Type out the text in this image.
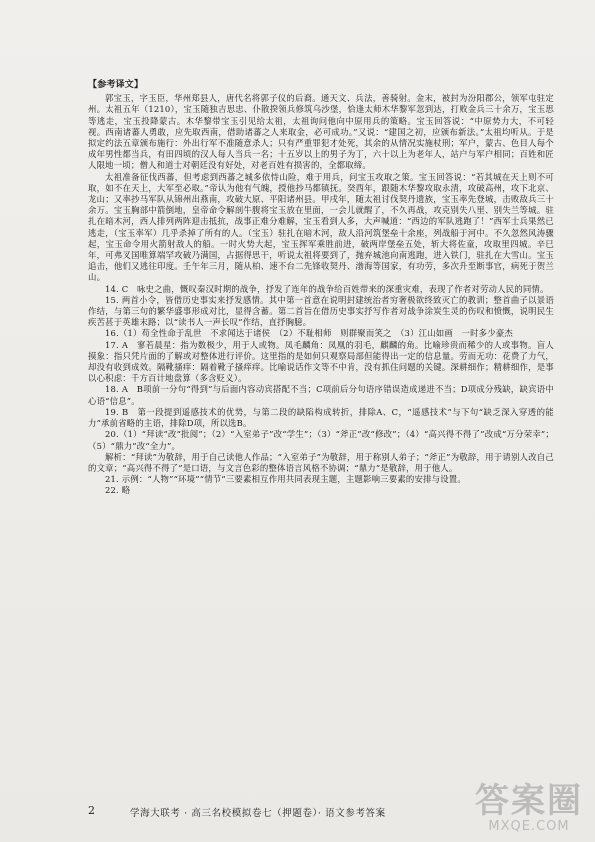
【参考译文】

郭宝玉，字玉臣，华州郑县人，唐代名将郭子仪的后裔。通天文、兵法，善骑射。金末，被封为汾阳郡公，领军屯驻定州。太祖五年（1210），宝玉随独吉思忠、仆散揆领兵修筑乌沙堡，恰逢太师木华黎军忽到达，打败金兵三十余万，宝玉思等逃走，宝玉投降蒙古。木华黎带宝玉引见给太祖，太祖询问他向中原用兵的策略。宝玉回答说：“中原势力大，不可轻视。西南诸蕃人勇敢，应先取西南，借助诸蕃之人来取金，必可成功。”又说：“建国之初，应颁布新法。”太祖均听从。于是拟定约法五章颁布施行：外出行军不准随意杀人；只有严重罪犯才处死，其余的从情况实施杖刑；军户，蒙古、色目人每个成年男性都当兵，有田四顷的汉人每人当兵一名；十五岁以上的男子为丁，六十以上为老年人，站户与军户相同；百姓和匠人限地一顷；僧人和道士对朝廷没有好处，对老百姓有损害的，全都取缔。

太祖准备征伐西蕃，但考虑到西蕃之城多依恃山险，难于用兵，问宝玉攻取之策。宝玉回答说：“若其城在天上则不可取，如不在天上，大军至必取。”帝认为他有气魄，授他抄马都镇抚。癸酉年，跟随木华黎攻取永清，攻破高州，攻下北京、龙山；又率抄马军队从锦州出燕南，攻破大原、平阳诸州县。甲戌年，随太祖讨伐契丹遗族，宝玉率先登城，击败敌兵三十余万。宝玉胸部中箭倒地，皇帝命令解剖牛腹将宝玉放在里面，一会儿就醒了，不久再战，攻克别失八里、别失兰等城。驻扎在暗木河，西人排列两阵迎击抵抗，战事正难分难解，宝玉看到人多，大声喊道：“西边的军队逃跑了！”西军士兵果然已逃走，（宝玉率军）几乎杀掉了所有的人。（宝玉）驻扎在暗木河，敌人沿河筑堡垒十余座，列战船于河中。不久忽然风涛骤起，宝玉命令用火箭射敌人的船。一时火势大起，宝玉挥军乘胜前进，破两岸堡垒五处，斩大将佐童，攻取里四城。辛巳年，可弗叉国唯算端罕攻破乃满国，占据得思干，听说太祖将要到了，抛弃城池向南逃跑，进入铁门，驻扎在大雪山。宝玉追击，他们又逃往印度。壬午年三月，随从柏、速不台二先锋收契丹、渤海等国家，有功劳，多次升至断事官，病死于贺兰山。

14. C　咏史之曲，慨叹秦汉时期的战争，抒发了连年的战争给百姓带来的深重灾难，表现了作者对劳动人民的同情。

15. 两首小令，皆借历史事实来抒发感情。其中第一首意在说明封建统治者穷奢极欲终致灭亡的教训；整首曲子以景语作结，与第三句的繁华盛事形成对比，显得含蓄。第二首旨在借历史事实抒写作者对战争涂炭生灵的伤叹和愤慨，说明民生疾苦甚于英雄末路；以“读书人一声长叹”作结，直抒胸臆。

16.（1）苟全性命于乱世　不求闻达于诸侯　（2）不耻相师　则群聚而笑之　（3）江山如画　一时多少豪杰

17. A　寥若晨星：指为数极少，用于人或物。凤毛麟角：凤凰的羽毛，麒麟的角。比喻珍贵而稀少的人或事物。盲人摸象：指只凭片面的了解或对整体进行评价。这里指的是如何只观察局部但能得出一定的信息量。劳而无功：花费了力气，却没有收到成效。隔靴搔痒：隔着靴子搔痒痒。比喻说话作文等不中肯，没有抓住问题的关键。深耕细作；精耕细作，是事以心积虑：千方百计地盘算（多含贬义）。

18. A　B项前一分句“得到”与后面内容动宾搭配不当；C项前后分句语序错误造成递进不当；D项成分残缺，缺宾语中心语“信息”。

19. B　第一段提到遥感技术的优势，与第二段的缺陷构成转折，排除A、C，“遥感技术”与下句“缺乏深入穿透的能力”承前省略的主语，排除D项，所以选B。

20.（1）“拜读”改“批阅”；（2）“入室弟子”改“学生”；（3）“斧正”改“修改”；（4）“高兴得不得了”改成“万分荣幸”；（5）“鼎力”改“全力”。

解析：“拜读”为敬辞，用于自己读他人作品；“入室弟子”为敬辞，用于称别人弟子；“斧正”为敬辞，用于请别人改自己的文章；“高兴得不得了”是口语，与文言色彩的整体语言风格不协调；“鼎力”是敬辞，用于他人。

21. 示例：“人物”“环境”“情节”三要素相互作用共同表现主题，主题影响三要素的安排与设置。

22. 略

2	学海大联考 · 高三名校模拟卷七（押题卷）· 语文参考答案	答案圈
MXQE.COM
